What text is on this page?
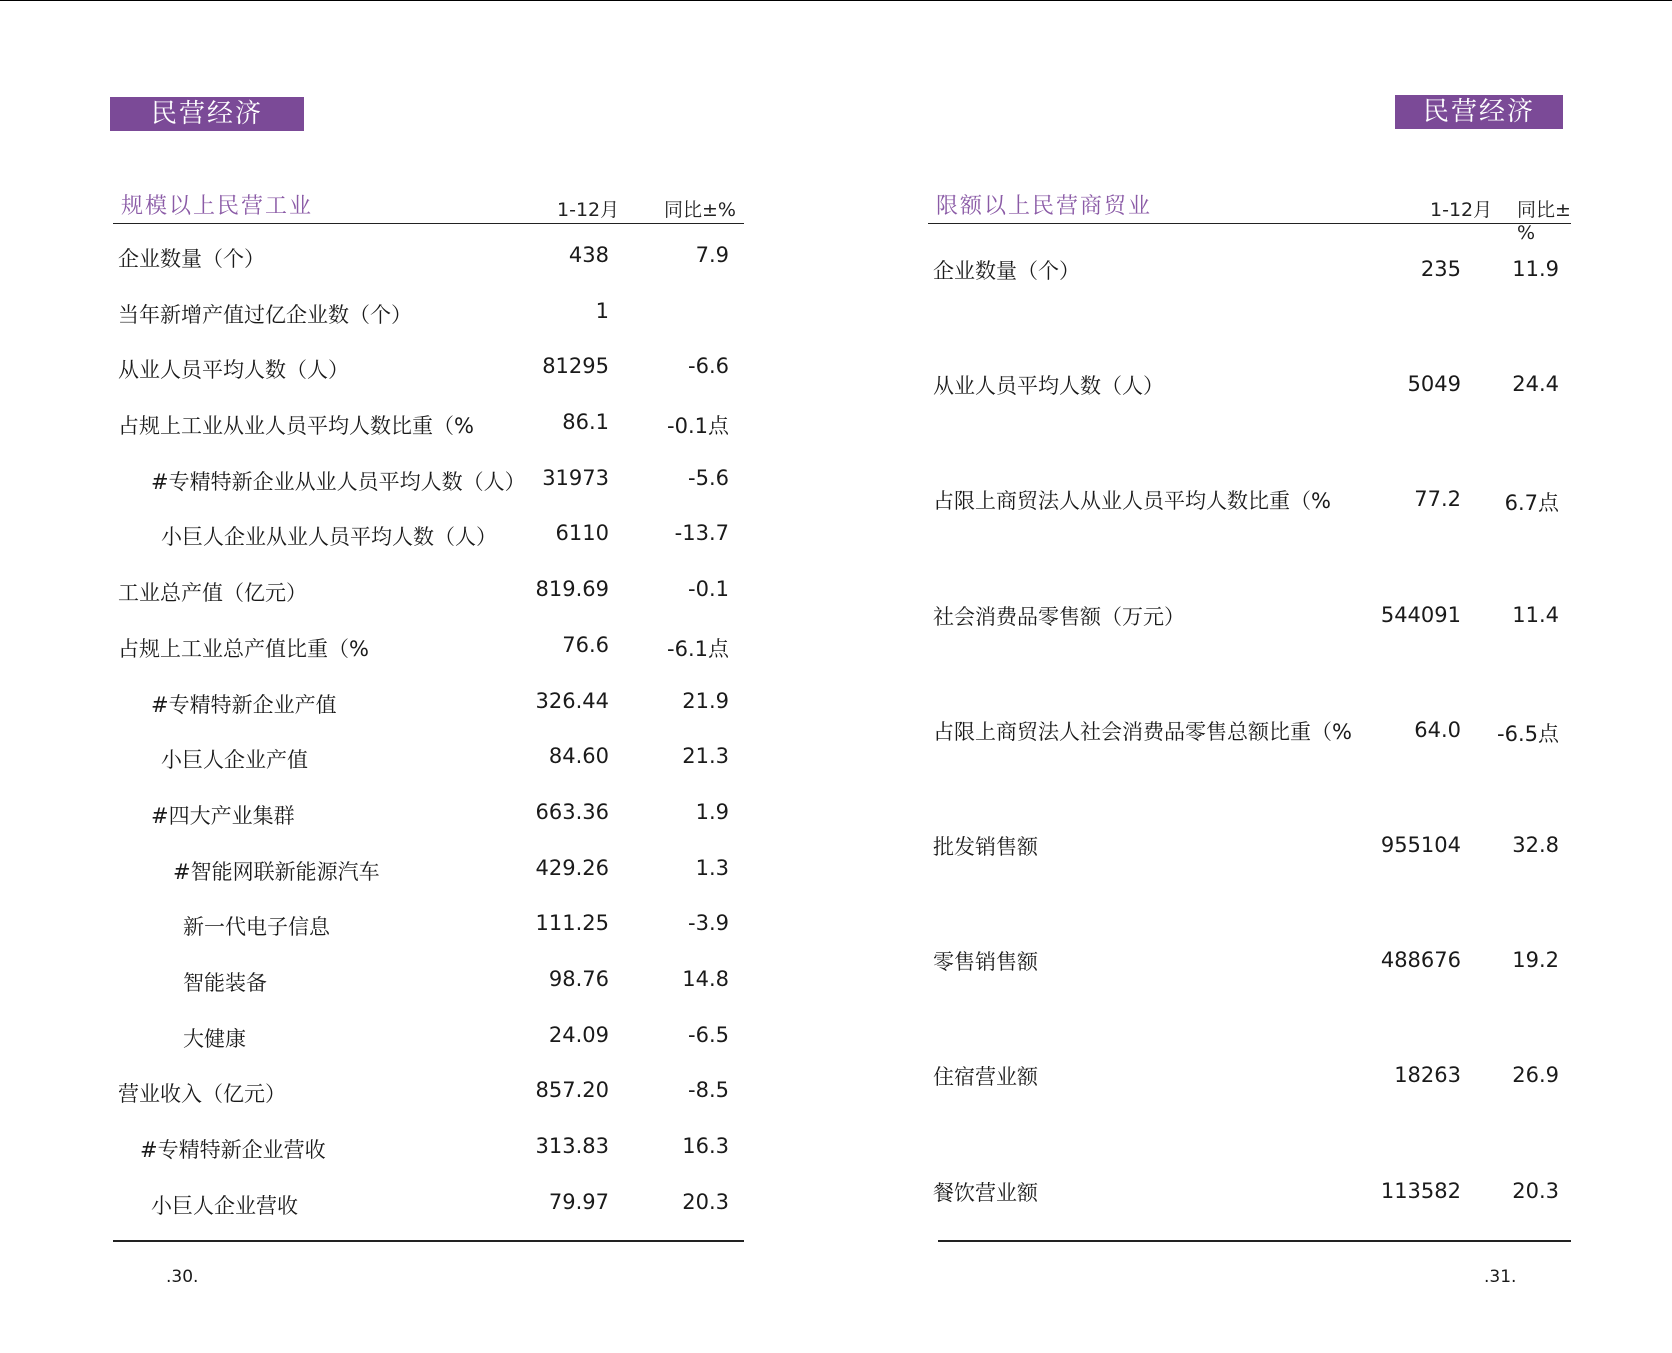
民营经济
规模以上民营工业	1-12月 同比±%
企业数量（个）	438	7.9
当年新增产值过亿企业数（个）	1
从业人员平均人数（人）	81295	-6.6
占规上工业从业人员平均人数比重（%	86.1	-0.1点
#专精特新企业从业人员平均人数（人） 31973	-5.6
小巨人企业从业人员平均人数（人）	6110	-13.7
工业总产值（亿元）	819.69	-0.1
占规上工业总产值比重（%	76.6	-6.1点
#专精特新企业产值	326.44	21.9
小巨人企业产值	84.60	21.3
#四大产业集群	663.36	1.9
#智能网联新能源汽车	429.26	1.3
新一代电子信息	111.25	-3.9
智能装备	98.76	14.8
大健康	24.09	-6.5
营业收入（亿元）	857.20	-8.5
#专精特新企业营收	313.83	16.3
小巨人企业营收	79.97	20.3
.30.
民营经济
限额以上民营商贸业	1-12月 同比±%
企业数量（个）	235	11.9
从业人员平均人数（人）	5049	24.4
占限上商贸法人从业人员平均人数比重（%	77.2	6.7点
社会消费品零售额（万元）	544091	11.4
占限上商贸法人社会消费品零售总额比重（%	64.0	-6.5点
批发销售额	955104	32.8
零售销售额	488676	19.2
住宿营业额	18263	26.9
餐饮营业额	113582	20.3
.31.
